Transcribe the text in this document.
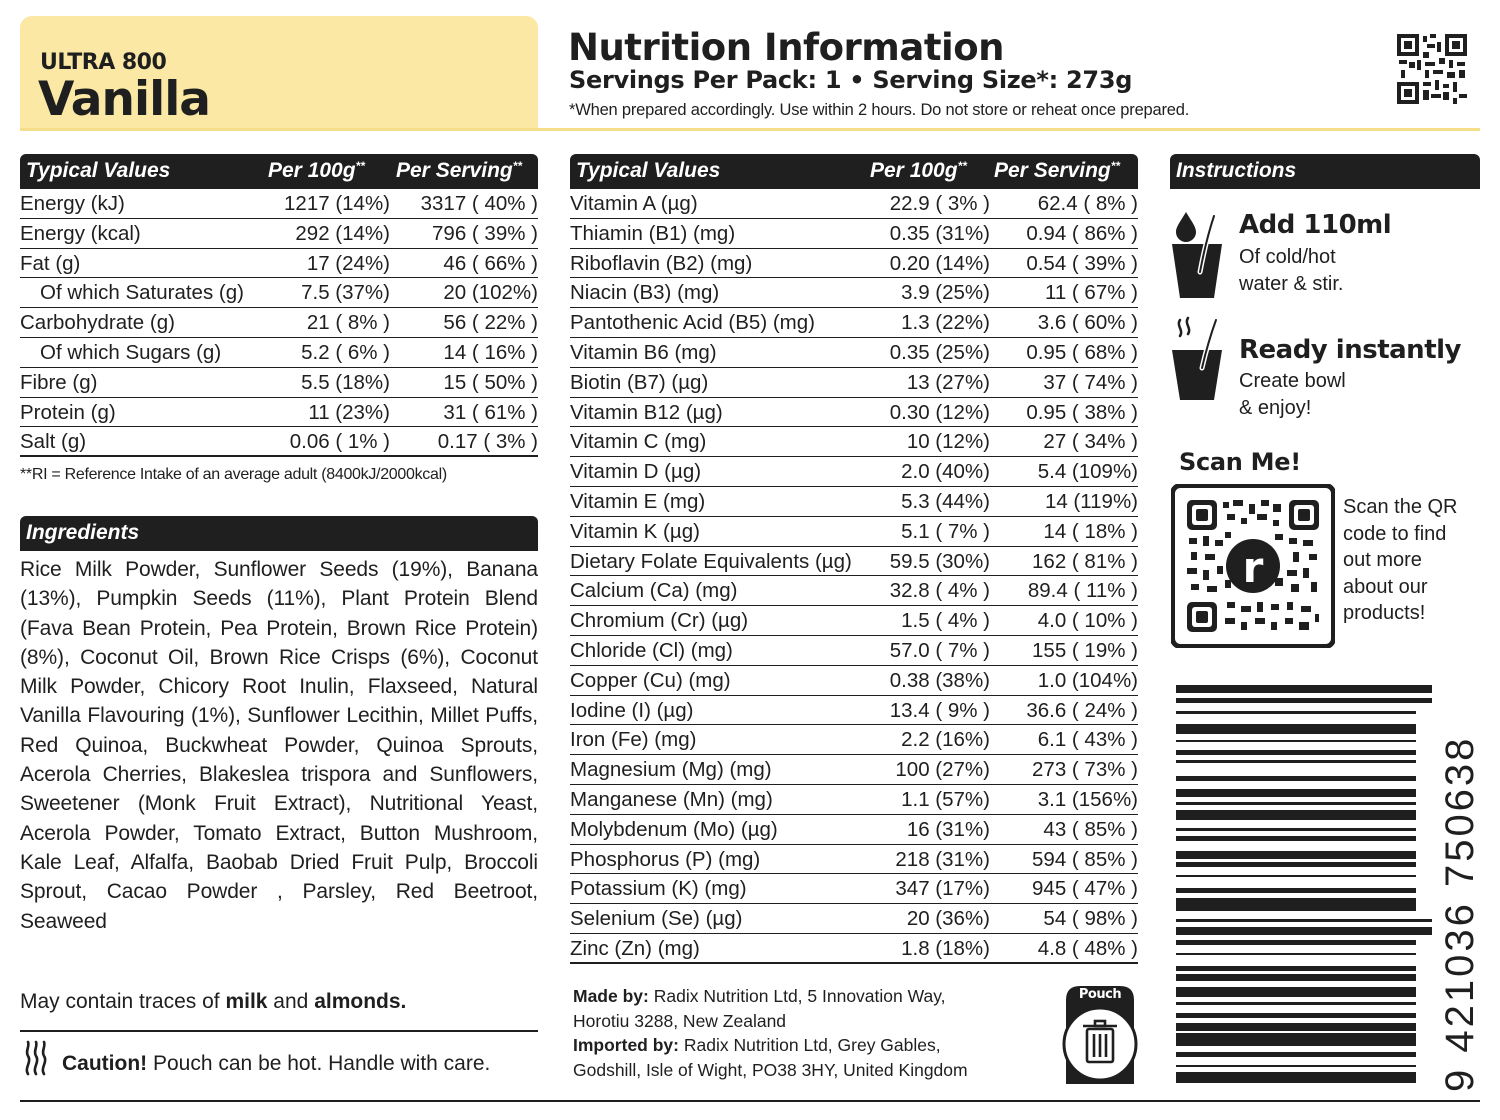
ULTRA 800
Vanilla
Nutrition Information
Servings Per Pack: 1 • Serving Size*: 273g
*When prepared accordingly. Use within 2 hours. Do not store or reheat once prepared.
Typical Values	Per 100g** Per Serving**
Energy (kJ)	1217 (14%) 3317 ( 40% )
Energy (kcal)	292 (14%) 796 ( 39% )
Fat (g)	17 (24%)	46 ( 66% )
Of which Saturates (g)	7.5 (37%)	20 (102%)
Carbohydrate (g)	21 ( 8% )	56 ( 22% )
Of which Sugars (g)	5.2 ( 6% )	14 ( 16% )
Fibre (g)	5.5 (18%)	15 ( 50% )
Protein (g)	11 (23%)	31 ( 61% )
Salt (g)	0.06 ( 1% ) 0.17 ( 3% )
**RI = Reference Intake of an average adult (8400kJ/2000kcal)
Typical Values	Per 100g** Per Serving**
Vitamin A (µg)	22.9 ( 3% ) 62.4 ( 8% )
Thiamin (B1) (mg)	0.35 (31%) 0.94 ( 86% )
Riboflavin (B2) (mg)	0.20 (14%) 0.54 ( 39% )
Niacin (B3) (mg)	3.9 (25%)	11 ( 67% )
Pantothenic Acid (B5) (mg)	1.3 (22%) 3.6 ( 60% )
Vitamin B6 (mg)	0.35 (25%) 0.95 ( 68% )
Biotin (B7) (µg)	13 (27%)	37 ( 74% )
Vitamin B12 (µg)	0.30 (12%) 0.95 ( 38% )
Vitamin C (mg)	10 (12%)	27 ( 34% )
Vitamin D (µg)	2.0 (40%) 5.4 (109%)
Vitamin E (mg)	5.3 (44%)	14 (119%)
Vitamin K (µg)	5.1 ( 7% )	14 ( 18% )
Dietary Folate Equivalents (µg) 59.5 (30%) 162 ( 81% )
Calcium (Ca) (mg)	32.8 ( 4% ) 89.4 ( 11% )
Chromium (Cr) (µg)	1.5 ( 4% ) 4.0 ( 10% )
Chloride (Cl) (mg)	57.0 ( 7% ) 155 ( 19% )
Copper (Cu) (mg)	0.38 (38%) 1.0 (104%)
Iodine (I) (µg)	13.4 ( 9% ) 36.6 ( 24% )
Iron (Fe) (mg)	2.2 (16%) 6.1 ( 43% )
Magnesium (Mg) (mg)	100 (27%) 273 ( 73% )
Manganese (Mn) (mg)	1.1 (57%) 3.1 (156%)
Molybdenum (Mo) (µg)	16 (31%)	43 ( 85% )
Phosphorus (P) (mg)	218 (31%) 594 ( 85% )
Potassium (K) (mg)	347 (17%) 945 ( 47% )
Selenium (Se) (µg)	20 (36%)	54 ( 98% )
Zinc (Zn) (mg)	1.8 (18%) 4.8 ( 48% )
Ingredients
Rice Milk Powder, Sunflower Seeds (19%), Banana (13%), Pumpkin Seeds (11%), Plant Protein Blend (Fava Bean Protein, Pea Protein, Brown Rice Protein) (8%), Coconut Oil, Brown Rice Crisps (6%), Coconut Milk Powder, Chicory Root Inulin, Flaxseed, Natural Vanilla Flavouring (1%), Sunflower Lecithin, Millet Puffs, Red Quinoa, Buckwheat Powder, Quinoa Sprouts, Acerola Cherries, Blakeslea trispora and Sunflowers, Sweetener (Monk Fruit Extract), Nutritional Yeast, Acerola Powder, Tomato Extract, Button Mushroom, Kale Leaf, Alfalfa, Baobab Dried Fruit Pulp, Broccoli Sprout, Cacao Powder , Parsley, Red Beetroot, Seaweed
May contain traces of milk and almonds.
Caution! Pouch can be hot. Handle with care.
Made by: Radix Nutrition Ltd, 5 Innovation Way,
Horotiu 3288, New Zealand
Imported by: Radix Nutrition Ltd, Grey Gables,
Godshill, Isle of Wight, PO38 3HY, United Kingdom
Pouch
Instructions
Add 110ml
Of cold/hot
water & stir.
Ready instantly
Create bowl
& enjoy!
Scan Me!
r
Scan the QR
code to find
out more
about our
products!
9 421036 750638
